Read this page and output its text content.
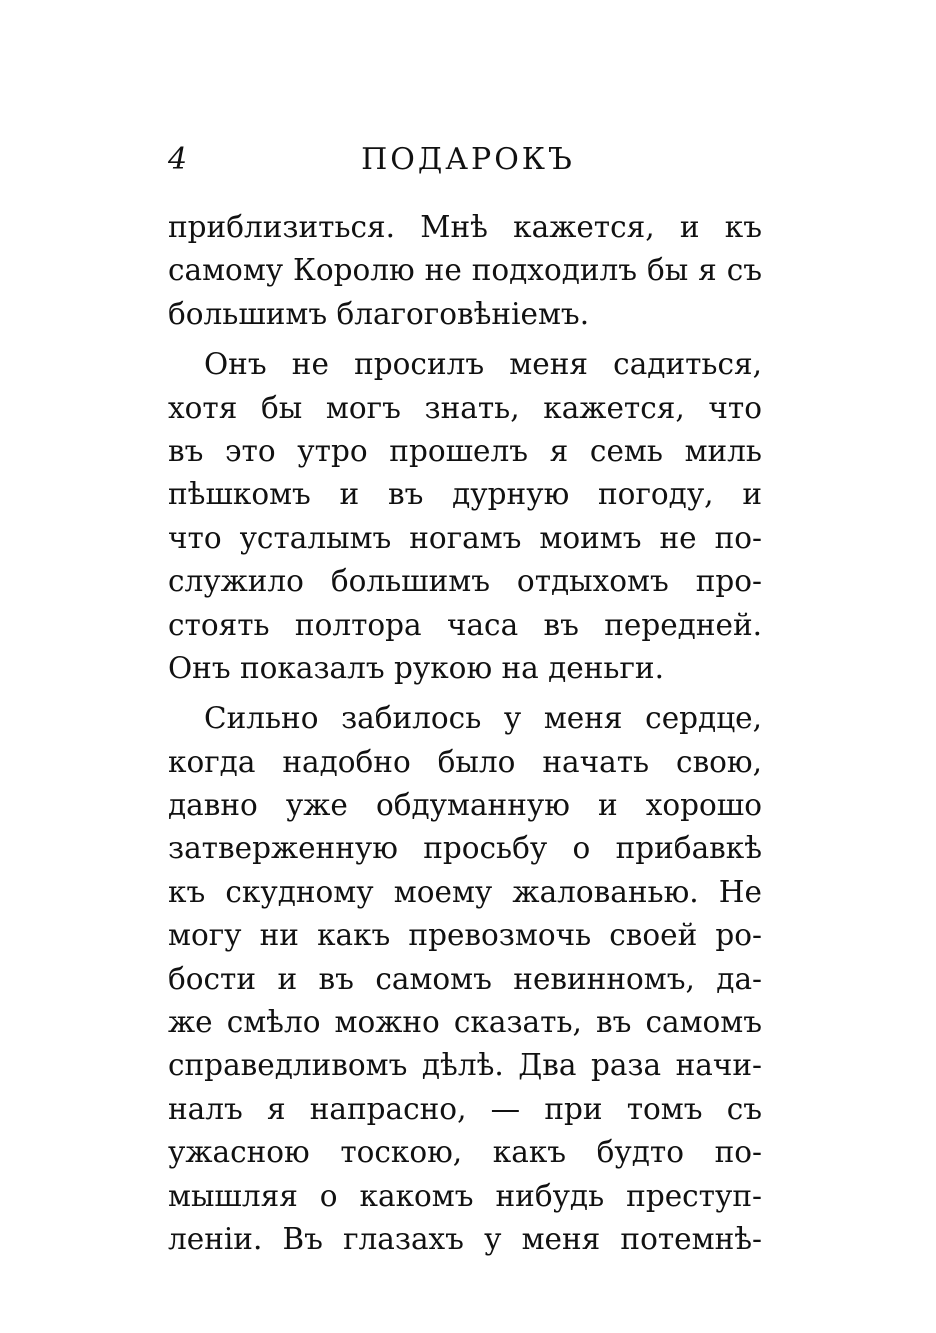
4	ПОДАРОКЪ
приблизиться. Мнѣ кажется, и къ
самому Королю не подходилъ бы я съ
большимъ благоговѣніемъ.
Онъ не просилъ меня садиться,
хотя бы могъ знать, кажется, что
въ это утро прошелъ я семь миль
пѣшкомъ и въ дурную погоду, и
что усталымъ ногамъ моимъ не по-
служило большимъ отдыхомъ про-
стоять полтора часа въ передней.
Онъ показалъ рукою на деньги.
Сильно забилось у меня сердце,
когда надобно было начать свою,
давно уже обдуманную и хорошо
затверженную просьбу о прибавкѣ
къ скудному моему жалованью. Не
могу ни какъ превозмочь своей ро-
бости и въ самомъ невинномъ, да-
же смѣло можно сказать, въ самомъ
справедливомъ дѣлѣ. Два раза начи-
налъ я напрасно, — при томъ съ
ужасною тоскою, какъ будто по-
мышляя о какомъ нибудь преступ-
леніи. Въ глазахъ у меня потемнѣ-
